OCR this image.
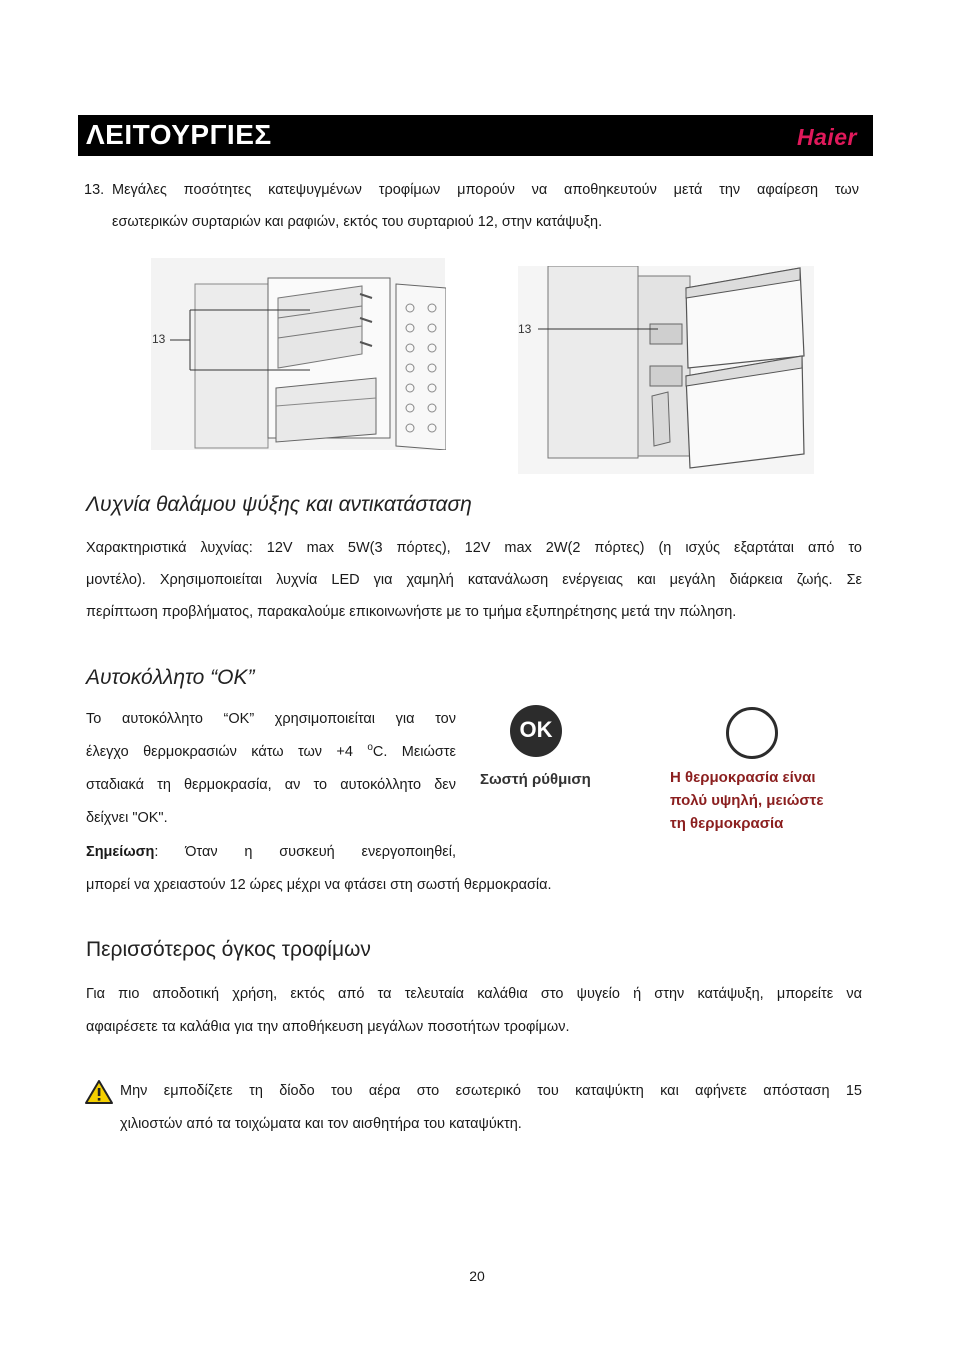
ΛΕΙΤΟΥΡΓΙΕΣ	Haier
13. Μεγάλες ποσότητες κατεψυγμένων τροφίμων μπορούν να αποθηκευτούν μετά την αφαίρεση των
εσωτερικών συρταριών και ραφιών, εκτός του συρταριού 12, στην κατάψυξη.
13
13
Λυχνία θαλάμου ψύξης και αντικατάσταση
Χαρακτηριστικά λυχνίας: 12V max 5W(3 πόρτες), 12V max 2W(2 πόρτες) (η ισχύς εξαρτάται από το
μοντέλο). Χρησιμοποιείται λυχνία LED για χαμηλή κατανάλωση ενέργειας και μεγάλη διάρκεια ζωής. Σε
περίπτωση προβλήματος, παρακαλούμε επικοινωνήστε με το τμήμα εξυπηρέτησης μετά την πώληση.
Αυτοκόλλητο “OK”
Το αυτοκόλλητο “OK” χρησιμοποιείται για τον
έλεγχο θερμοκρασιών κάτω των +4 $^o$C. Μειώστε
σταδιακά τη θερμοκρασία, αν το αυτοκόλλητο δεν
δείχνει "OK".
Σημείωση: Όταν η συσκευή ενεργοποιηθεί,
μπορεί να χρειαστούν 12 ώρες μέχρι να φτάσει στη σωστή θερμοκρασία.
OK
Σωστή ρύθμιση	Η θερμοκρασία είναι
πολύ υψηλή, μειώστε
τη θερμοκρασία
Περισσότερος όγκος τροφίμων
Για πιο αποδοτική χρήση, εκτός από τα τελευταία καλάθια στο ψυγείο ή στην κατάψυξη, μπορείτε να
αφαιρέσετε τα καλάθια για την αποθήκευση μεγάλων ποσοτήτων τροφίμων.
Μην εμποδίζετε τη δίοδο του αέρα στο εσωτερικό του καταψύκτη και αφήνετε απόσταση 15
χιλιοστών από τα τοιχώματα και τον αισθητήρα του καταψύκτη.
20
